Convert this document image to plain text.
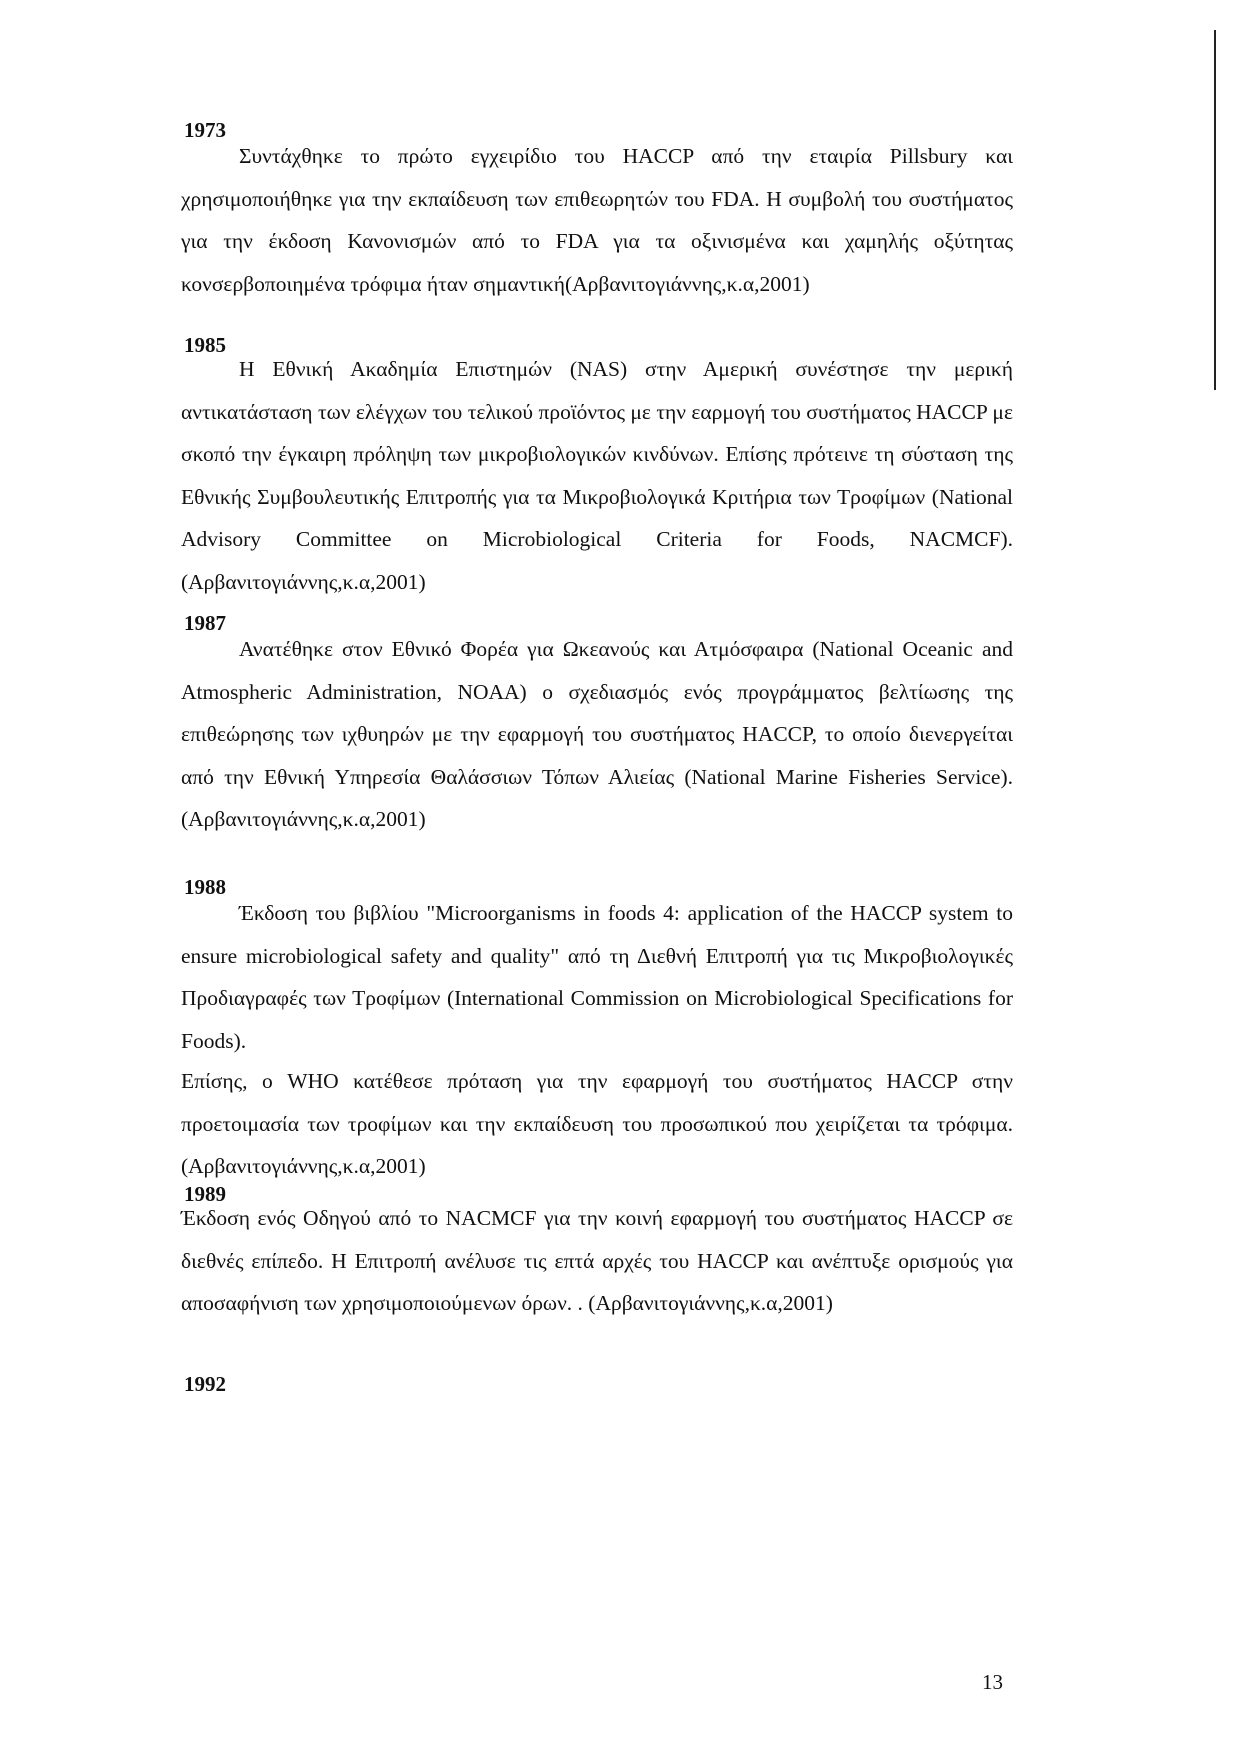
1973

Συντάχθηκε το πρώτο εγχειρίδιο του HACCP από την εταιρία Pillsbury και χρησιμοποιήθηκε για την εκπαίδευση των επιθεωρητών του FDA. Η συμβολή του συστήματος για την έκδοση Κανονισμών από το FDA για τα οξινισμένα και χαμηλής οξύτητας κονσερβοποιημένα τρόφιμα ήταν σημαντική(Αρβανιτογιάννης,κ.α,2001)

1985

Η Εθνική Ακαδημία Επιστημών (NAS) στην Αμερική συνέστησε την μερική αντικατάσταση των ελέγχων του τελικού προϊόντος με την εαρμογή του συστήματος HACCP με σκοπό την έγκαιρη πρόληψη των μικροβιολογικών κινδύνων. Επίσης πρότεινε τη σύσταση της Εθνικής Συμβουλευτικής Επιτροπής για τα Μικροβιολογικά Κριτήρια των Τροφίμων (National Advisory Committee on Microbiological Criteria for Foods, NACMCF). (Αρβανιτογιάννης,κ.α,2001)

1987

Ανατέθηκε στον Εθνικό Φορέα για Ωκεανούς και Ατμόσφαιρα (National Oceanic and Atmospheric Administration, NOAA) ο σχεδιασμός ενός προγράμματος βελτίωσης της επιθεώρησης των ιχθυηρών με την εφαρμογή του συστήματος HACCP, το οποίο διενεργείται από την Εθνική Υπηρεσία Θαλάσσιων Τόπων Αλιείας (National Marine Fisheries Service). (Αρβανιτογιάννης,κ.α,2001)

1988

Έκδοση του βιβλίου "Microorganisms in foods 4: application of the HACCP system to ensure microbiological safety and quality" από τη Διεθνή Επιτροπή για τις Μικροβιολογικές Προδιαγραφές των Τροφίμων (International Commission on Microbiological Specifications for Foods).

Επίσης, ο WHO κατέθεσε πρόταση για την εφαρμογή του συστήματος HACCP στην προετοιμασία των τροφίμων και την εκπαίδευση του προσωπικού που χειρίζεται τα τρόφιμα. (Αρβανιτογιάννης,κ.α,2001)

1989

Έκδοση ενός Οδηγού από το NACMCF για την κοινή εφαρμογή του συστήματος HACCP σε διεθνές επίπεδο. Η Επιτροπή ανέλυσε τις επτά αρχές του HACCP και ανέπτυξε ορισμούς για αποσαφήνιση των χρησιμοποιούμενων όρων. . (Αρβανιτογιάννης,κ.α,2001)

1992
13
